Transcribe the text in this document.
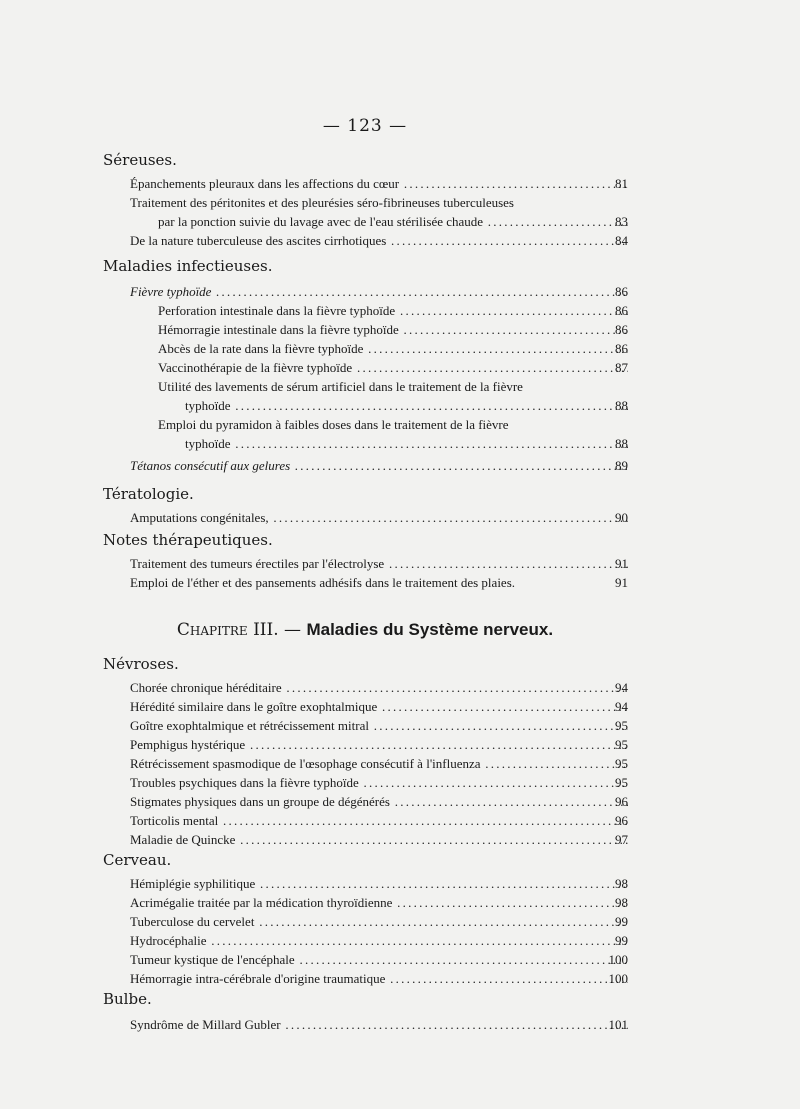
— 123 —
Séreuses.
Épanchements pleuraux dans les affections du cœur . . .	81
Traitement des péritonites et des pleurésies séro-fibrineuses tuberculeuses
par la ponction suivie du lavage avec de l'eau stérilisée chaude . . .	83
De la nature tuberculeuse des ascites cirrhotiques . . .	84
Maladies infectieuses.
Fièvre typhoïde . . .	86
Perforation intestinale dans la fièvre typhoïde . . .	86
Hémorragie intestinale dans la fièvre typhoïde . . .	86
Abcès de la rate dans la fièvre typhoïde . . .	86
Vaccinothérapie de la fièvre typhoïde . . .	87
Utilité des lavements de sérum artificiel dans le traitement de la fièvre
typhoïde . . .	88
Emploi du pyramidon à faibles doses dans le traitement de la fièvre
typhoïde . . .	88
Tétanos consécutif aux gelures . . .	89
Tératologie.
Amputations congénitales, . . .	90
Notes thérapeutiques.
Traitement des tumeurs érectiles par l'électrolyse . . .	91
Emploi de l'éther et des pansements adhésifs dans le traitement des plaies.	91
Chapitre III. — Maladies du Système nerveux.
Névroses.
Chorée chronique héréditaire . . .	94
Hérédité similaire dans le goître exophtalmique . . .	94
Goître exophtalmique et rétrécissement mitral . . .	95
Pemphigus hystérique . . .	95
Rétrécissement spasmodique de l'œsophage consécutif à l'influenza . . .	95
Troubles psychiques dans la fièvre typhoïde . . .	95
Stigmates physiques dans un groupe de dégénérés . . .	96
Torticolis mental . . .	96
Maladie de Quincke . . .	97
Cerveau.
Hémiplégie syphilitique . . .	98
Acrimégalie traitée par la médication thyroïdienne . . .	98
Tuberculose du cervelet . . .	99
Hydrocéphalie . . .	99
Tumeur kystique de l'encéphale . . .	100
Hémorragie intra-cérébrale d'origine traumatique . . .	100
Bulbe.
Syndrôme de Millard Gubler . . .	101
